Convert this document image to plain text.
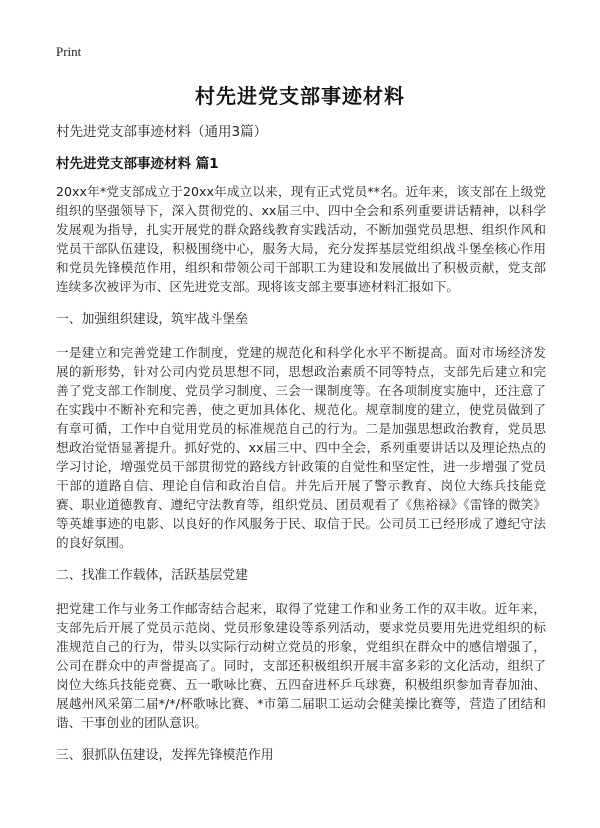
Print
村先进党支部事迹材料
村先进党支部事迹材料（通用3篇）
村先进党支部事迹材料 篇1

20xx年*党支部成立于20xx年成立以来，现有正式党员**名。近年来，该支部在上级党组织的坚强领导下，深入贯彻党的、xx届三中、四中全会和系列重要讲话精神，以科学发展观为指导，扎实开展党的群众路线教育实践活动，不断加强党员思想、组织作风和党员干部队伍建设，积极围绕中心，服务大局，充分发挥基层党组织战斗堡垒核心作用和党员先锋模范作用，组织和带领公司干部职工为建设和发展做出了积极贡献，党支部连续多次被评为市、区先进党支部。现将该支部主要事迹材料汇报如下。

一、加强组织建设，筑牢战斗堡垒

一是建立和完善党建工作制度，党建的规范化和科学化水平不断提高。面对市场经济发展的新形势，针对公司内党员思想不同，思想政治素质不同等特点，支部先后建立和完善了党支部工作制度、党员学习制度、三会一课制度等。在各项制度实施中，还注意了在实践中不断补充和完善，使之更加具体化、规范化。规章制度的建立，使党员做到了有章可循，工作中自觉用党员的标准规范自己的行为。二是加强思想政治教育，党员思想政治觉悟显著提升。抓好党的、xx届三中、四中全会，系列重要讲话以及理论热点的学习讨论，增强党员干部贯彻党的路线方针政策的自觉性和坚定性，进一步增强了党员干部的道路自信、理论自信和政治自信。并先后开展了警示教育、岗位大练兵技能竞赛、职业道德教育、遵纪守法教育等，组织党员、团员观看了《焦裕禄》《雷锋的微笑》等英雄事迹的电影、以良好的作风服务于民、取信于民。公司员工已经形成了遵纪守法的良好氛围。

二、找准工作载体，活跃基层党建

把党建工作与业务工作邮寄结合起来，取得了党建工作和业务工作的双丰收。近年来，支部先后开展了党员示范岗、党员形象建设等系列活动，要求党员要用先进党组织的标准规范自己的行为，带头以实际行动树立党员的形象，党组织在群众中的感信增强了，公司在群众中的声誉提高了。同时，支部还积极组织开展丰富多彩的文化活动，组织了岗位大练兵技能竞赛、五一歌咏比赛、五四奋进杯乒乓球赛，积极组织参加青春加油、展越州风采第二届*/*/杯歌咏比赛、*市第二届职工运动会健美操比赛等，营造了团结和谐、干事创业的团队意识。

三、狠抓队伍建设，发挥先锋模范作用
